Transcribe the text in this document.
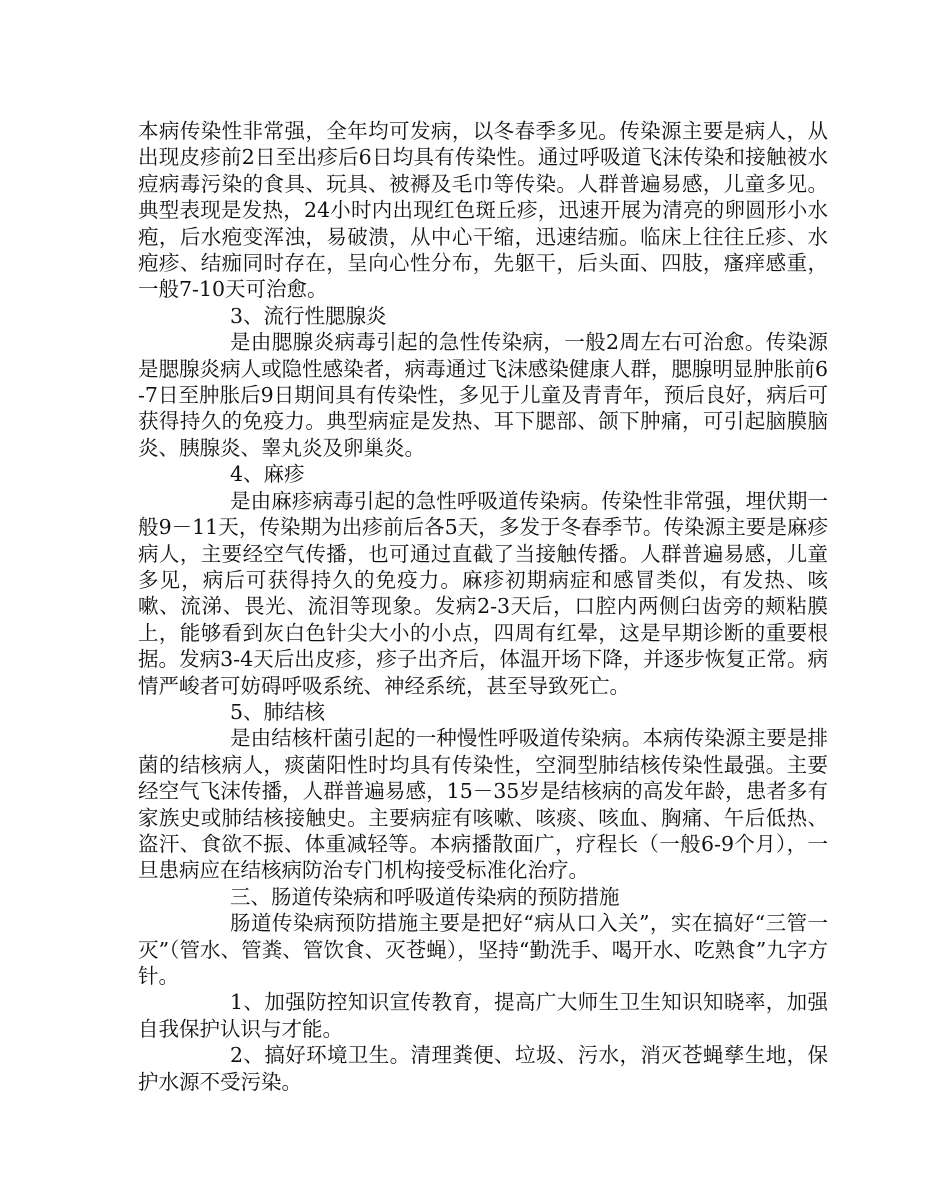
本病传染性非常强，全年均可发病，以冬春季多见。传染源主要是病人，从出现皮疹前2日至出疹后6日均具有传染性。通过呼吸道飞沫传染和接触被水痘病毒污染的食具、玩具、被褥及毛巾等传染。人群普遍易感，儿童多见。典型表现是发热，24小时内出现红色斑丘疹，迅速开展为清亮的卵圆形小水疱，后水疱变浑浊，易破溃，从中心干缩，迅速结痂。临床上往往丘疹、水疱疹、结痂同时存在，呈向心性分布，先躯干，后头面、四肢，瘙痒感重，一般7-10天可治愈。

3、流行性腮腺炎

是由腮腺炎病毒引起的急性传染病，一般2周左右可治愈。传染源是腮腺炎病人或隐性感染者，病毒通过飞沫感染健康人群，腮腺明显肿胀前6-7日至肿胀后9日期间具有传染性，多见于儿童及青青年，预后良好，病后可获得持久的免疫力。典型病症是发热、耳下腮部、颌下肿痛，可引起脑膜脑炎、胰腺炎、睾丸炎及卵巢炎。

4、麻疹

是由麻疹病毒引起的急性呼吸道传染病。传染性非常强，埋伏期一般9－11天，传染期为出疹前后各5天，多发于冬春季节。传染源主要是麻疹病人，主要经空气传播，也可通过直截了当接触传播。人群普遍易感，儿童多见，病后可获得持久的免疫力。麻疹初期病症和感冒类似，有发热、咳嗽、流涕、畏光、流泪等现象。发病2-3天后，口腔内两侧臼齿旁的颊粘膜上，能够看到灰白色针尖大小的小点，四周有红晕，这是早期诊断的重要根据。发病3-4天后出皮疹，疹子出齐后，体温开场下降，并逐步恢复正常。病情严峻者可妨碍呼吸系统、神经系统，甚至导致死亡。

5、肺结核

是由结核杆菌引起的一种慢性呼吸道传染病。本病传染源主要是排菌的结核病人，痰菌阳性时均具有传染性，空洞型肺结核传染性最强。主要经空气飞沫传播，人群普遍易感，15－35岁是结核病的高发年龄，患者多有家族史或肺结核接触史。主要病症有咳嗽、咳痰、咳血、胸痛、午后低热、盗汗、食欲不振、体重减轻等。本病播散面广，疗程长（一般6-9个月），一旦患病应在结核病防治专门机构接受标准化治疗。

三、肠道传染病和呼吸道传染病的预防措施

肠道传染病预防措施主要是把好“病从口入关”，实在搞好“三管一灭”（管水、管粪、管饮食、灭苍蝇），坚持“勤洗手、喝开水、吃熟食”九字方针。

1、加强防控知识宣传教育，提高广大师生卫生知识知晓率，加强自我保护认识与才能。

2、搞好环境卫生。清理粪便、垃圾、污水，消灭苍蝇孳生地，保护水源不受污染。
